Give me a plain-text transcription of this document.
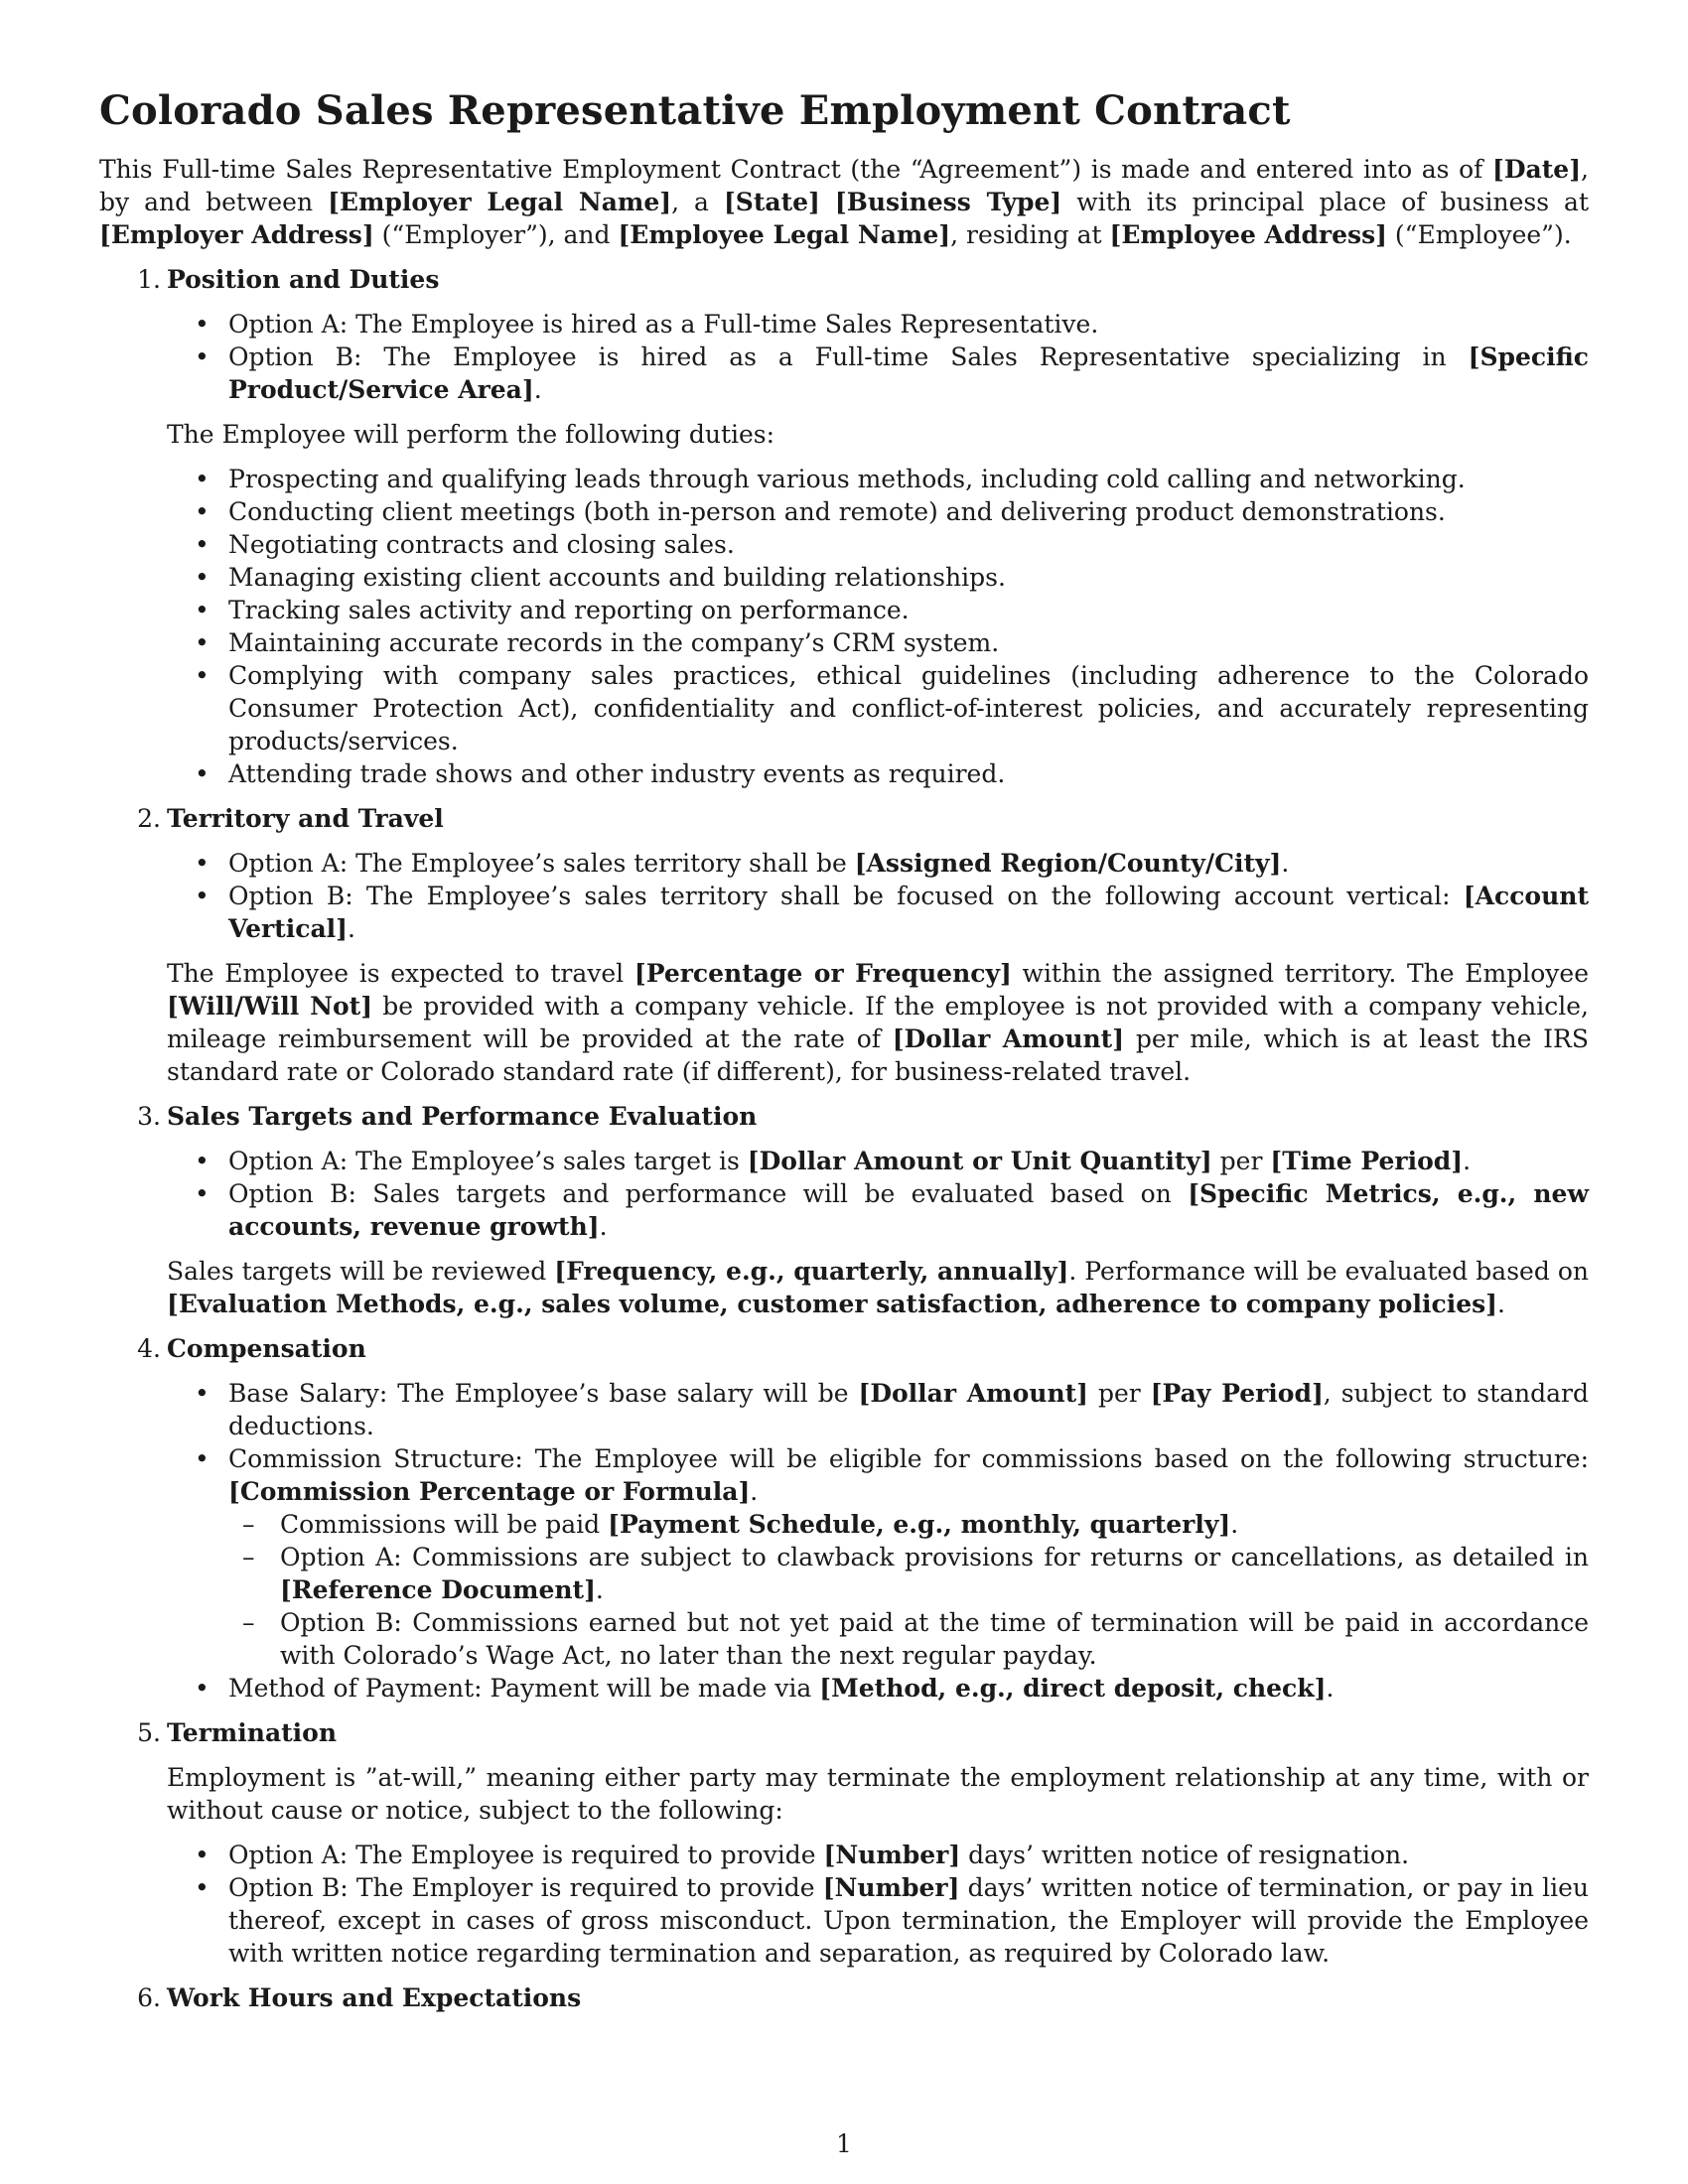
Colorado Sales Representative Employment Contract

This Full-time Sales Representative Employment Contract (the “Agreement”) is made and entered into as of [Date], by and between [Employer Legal Name], a [State] [Business Type] with its principal place of business at [Employer Address] (“Employer”), and [Employee Legal Name], residing at [Employee Address] (“Employee”).

1. Position and Duties
• Option A: The Employee is hired as a Full-time Sales Representative.
• Option B: The Employee is hired as a Full-time Sales Representative specializing in [Specific Product/Service Area].

The Employee will perform the following duties:

• Prospecting and qualifying leads through various methods, including cold calling and networking.
• Conducting client meetings (both in-person and remote) and delivering product demonstrations.
• Negotiating contracts and closing sales.
• Managing existing client accounts and building relationships.
• Tracking sales activity and reporting on performance.
• Maintaining accurate records in the company’s CRM system.
• Complying with company sales practices, ethical guidelines (including adherence to the Colorado Consumer Protection Act), confidentiality and conflict-of-interest policies, and accurately representing products/services.
• Attending trade shows and other industry events as required.
2. Territory and Travel
• Option A: The Employee’s sales territory shall be [Assigned Region/County/City].
• Option B: The Employee’s sales territory shall be focused on the following account vertical: [Account Vertical].

The Employee is expected to travel [Percentage or Frequency] within the assigned territory. The Employee [Will/Will Not] be provided with a company vehicle. If the employee is not provided with a company vehicle, mileage reimbursement will be provided at the rate of [Dollar Amount] per mile, which is at least the IRS standard rate or Colorado standard rate (if different), for business-related travel.

3. Sales Targets and Performance Evaluation
• Option A: The Employee’s sales target is [Dollar Amount or Unit Quantity] per [Time Period].
• Option B: Sales targets and performance will be evaluated based on [Specific Metrics, e.g., new accounts, revenue growth].

Sales targets will be reviewed [Frequency, e.g., quarterly, annually]. Performance will be evaluated based on [Evaluation Methods, e.g., sales volume, customer satisfaction, adherence to company policies].

4. Compensation
• Base Salary: The Employee’s base salary will be [Dollar Amount] per [Pay Period], subject to standard deductions.
• Commission Structure: The Employee will be eligible for commissions based on the following structure: [Commission Percentage or Formula].
– Commissions will be paid [Payment Schedule, e.g., monthly, quarterly].
– Option A: Commissions are subject to clawback provisions for returns or cancellations, as detailed in [Reference Document].
– Option B: Commissions earned but not yet paid at the time of termination will be paid in accordance with Colorado’s Wage Act, no later than the next regular payday.
• Method of Payment: Payment will be made via [Method, e.g., direct deposit, check].
5. Termination

Employment is ”at-will,” meaning either party may terminate the employment relationship at any time, with or without cause or notice, subject to the following:

• Option A: The Employee is required to provide [Number] days’ written notice of resignation.
• Option B: The Employer is required to provide [Number] days’ written notice of termination, or pay in lieu thereof, except in cases of gross misconduct. Upon termination, the Employer will provide the Employee with written notice regarding termination and separation, as required by Colorado law.
6. Work Hours and Expectations
1
